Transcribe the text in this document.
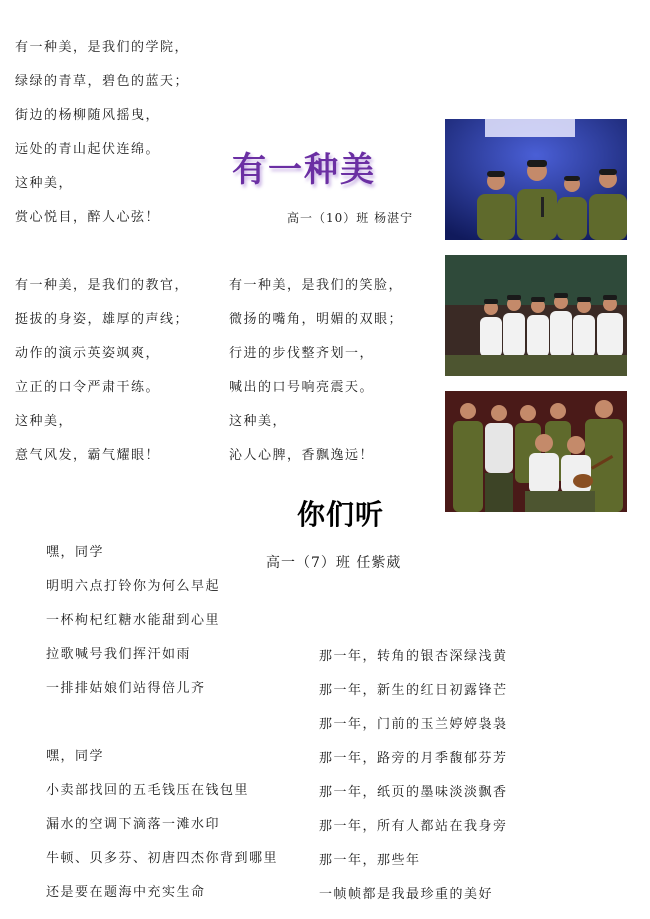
有一种美，是我们的学院，
绿绿的青草，碧色的蓝天；
街边的杨柳随风摇曳，
远处的青山起伏连绵。
这种美，
赏心悦目，醉人心弦！
有一种美
高一（10）班 杨湛宁
有一种美，是我们的教官，
挺拔的身姿，雄厚的声线；
动作的演示英姿飒爽，
立正的口令严肃干练。
这种美，
意气风发，霸气耀眼！
有一种美，是我们的笑脸，
微扬的嘴角，明媚的双眼；
行进的步伐整齐划一，
喊出的口号响亮震天。
这种美，
沁人心脾，香飘逸远！
你们听
高一（7）班 任紫葳
嘿，同学
明明六点打铃你为何么早起
一杯枸杞红糖水能甜到心里
拉歌喊号我们挥汗如雨
一排排姑娘们站得倍儿齐
嘿，同学
小卖部找回的五毛钱压在钱包里
漏水的空调下滴落一滩水印
牛顿、贝多芬、初唐四杰你背到哪里
还是要在题海中充实生命
那一年，转角的银杏深绿浅黄
那一年，新生的红日初露锋芒
那一年，门前的玉兰婷婷袅袅
那一年，路旁的月季馥郁芬芳
那一年，纸页的墨味淡淡飘香
那一年，所有人都站在我身旁
那一年，那些年
一帧帧都是我最珍重的美好
